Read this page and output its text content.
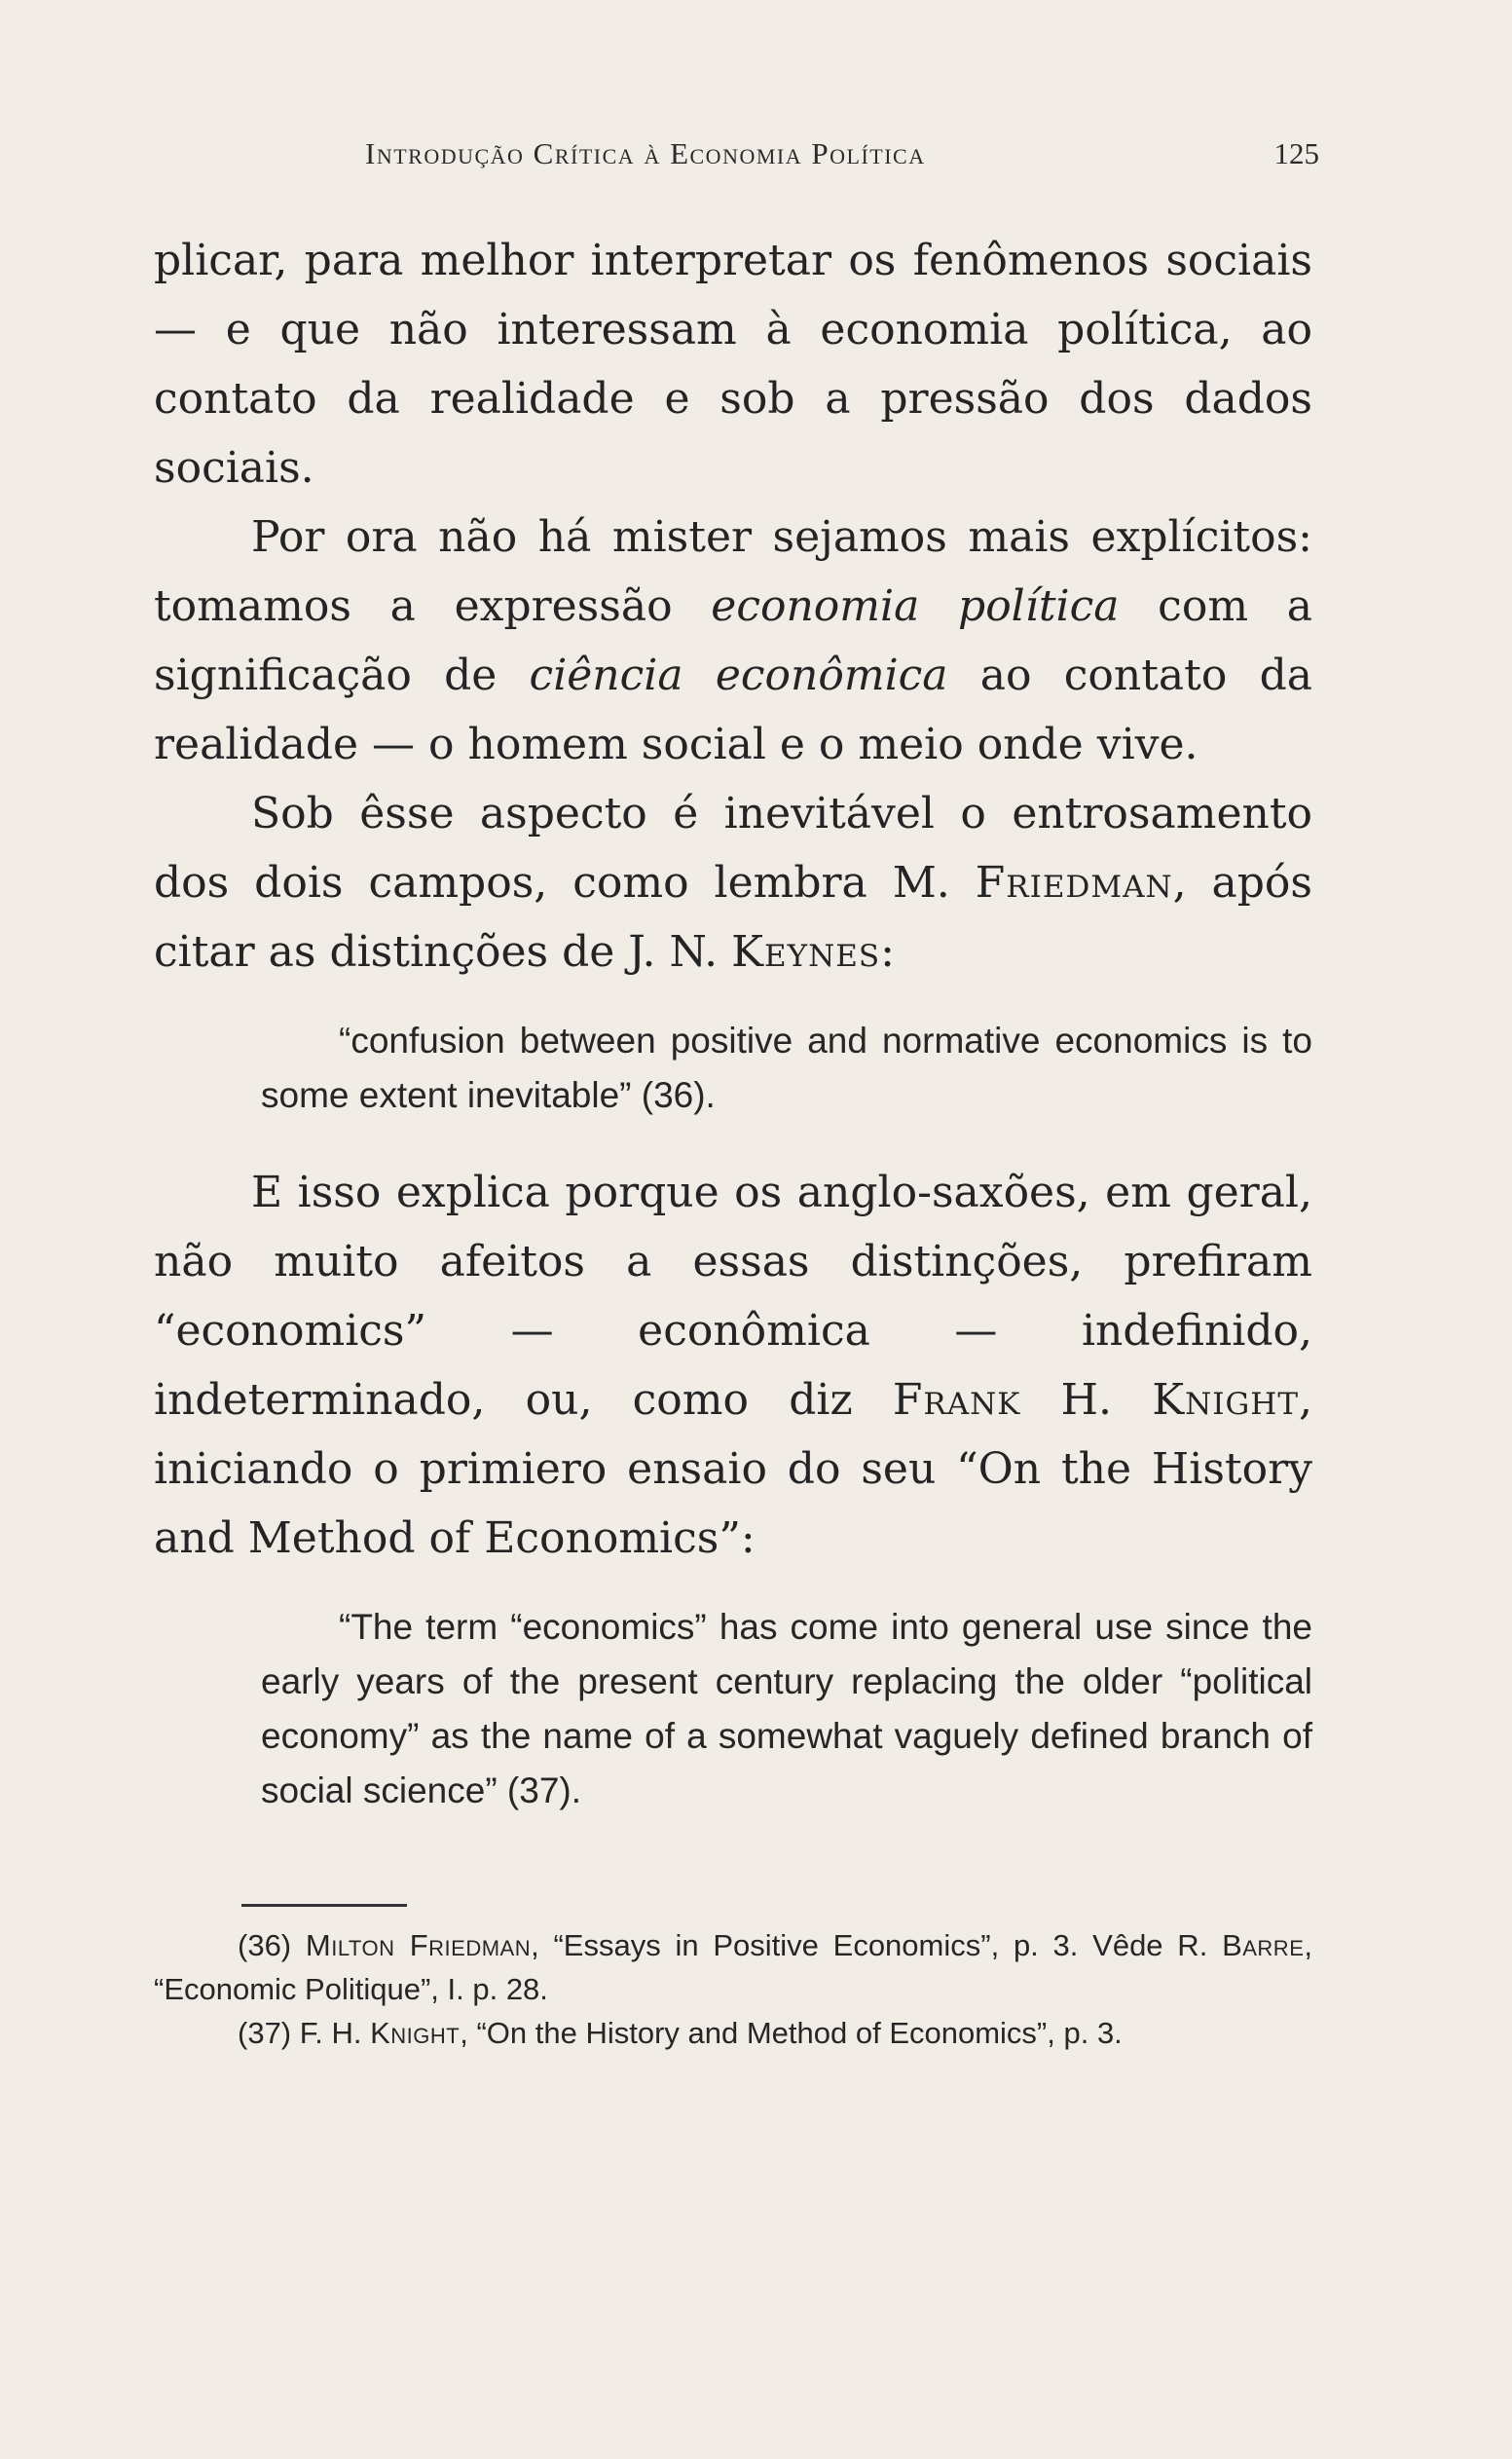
Introdução Crítica à Economia Política	125

plicar, para melhor interpretar os fenômenos sociais — e que não interessam à economia política, ao contato da realidade e sob a pressão dos dados sociais.

Por ora não há mister sejamos mais explícitos: tomamos a expressão economia política com a significação de ciência econômica ao contato da realidade — o homem social e o meio onde vive.

Sob êsse aspecto é inevitável o entrosamento dos dois campos, como lembra M. Friedman, após citar as distinções de J. N. Keynes:

“confusion between positive and normative economics is to some extent inevitable” (36).

E isso explica porque os anglo-saxões, em geral, não muito afeitos a essas distinções, prefiram “economics” — econômica — indefinido, indeterminado, ou, como diz Frank H. Knight, iniciando o primiero ensaio do seu “On the History and Method of Economics”:

“The term “economics” has come into general use since the early years of the present century replacing the older “political economy” as the name of a somewhat vaguely defined branch of social science” (37).

(36) Milton Friedman, “Essays in Positive Economics”, p. 3. Vêde R. Barre, “Economic Politique”, I. p. 28.

(37) F. H. Knight, “On the History and Method of Economics”, p. 3.
